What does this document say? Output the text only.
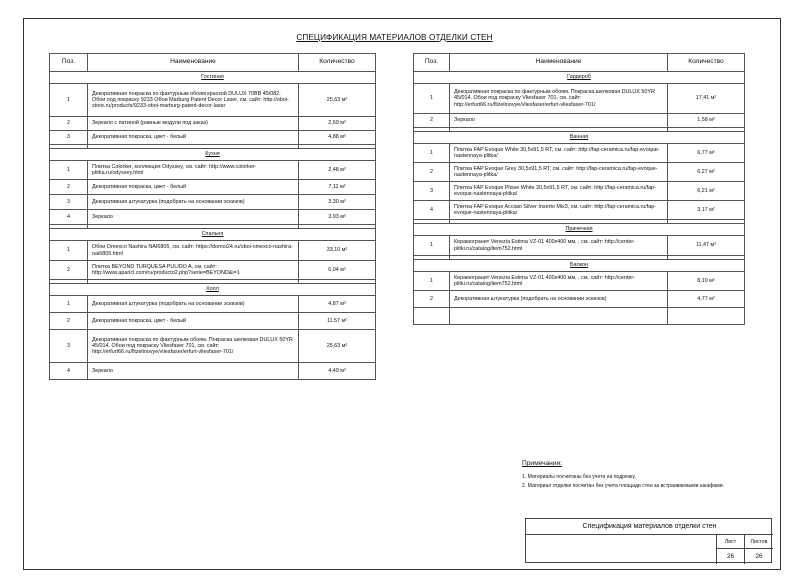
СПЕЦИФИКАЦИЯ МАТЕРИАЛОВ ОТДЕЛКИ СТЕН
Поз.	Наименование	Количество
Гостиная		
1	Декоративная покраска по фактурным обоям краской DULUX 70BB 45/082. Обои под покраску 9233 Обои Marburg Patent Decor Laser, см. сайт: http://oboi-store.ru/products/9233-oboi-marburg-patent-decor-laser	25,63 м²
2	Зеркало с патиной (равные модули под заказ)	2,69 м²
3	Декоративная покраска, цвет - белый	4,88 м²

Кухня		
1	Плитка Colorker, коллекция Odyssey, см. сайт: http://www.colorker-plitka.ru/odyssey.html	2,48 м²
2	Декоративная покраска, цвет - белый	7,11 м²
3	Декоративная штукатурка (подобрать на основании эскизов)	3,30 м²
4	Зеркало	3,93 м²

Спальня		
1	Обои Omexco Nashira NAI6805, см. сайт: https://domoi24.ru/oboi-omexco-nashira-nai6805.html	33,10 м²
2	Плитка BEYOND TURQUESA PULIDO A, см. сайт: http://www.aparici.com/ru/producto2.php?serie=BEYOND&i=1	6,04 м²

Холл		
1	Декоративная штукатурка (подобрать на основании эскизов)	4,87 м²
2	Декоративная покраска, цвет - белый	11,57 м²
3	Декоративная покраска по фактурным обоям. Покраска шелковая DULUX 50YR 45/014. Обои под покраску Vliesfaser 701, см. сайт: http://erfurt66.ru/flizelinovye/vliesfaser/erfurt-vliesfaser-701/	25,63 м²
4	Зеркало	4,49 м²
Поз.	Наименование	Количество
Гардероб		
1	Декоративная покраска по фактурным обоям. Покраска шелковая DULUX 50YR 45/014. Обои под покраску Vliesfaser 701, см. сайт: http://erfurt66.ru/flizelinovye/vliesfaser/erfurt-vliesfaser-701/	17,41 м²
2	Зеркало	1,58 м²

Ванная		
1	Плитка FAP Evoque White 30,5х91,5 RT, см. сайт: http://fap-ceramica.ru/fap-evoque-nastennaya-plitka/	6,77 м²
2	Плитка FAP Evoque Grey 30,5х91,5 RT, см. сайт: http://fap-ceramica.ru/fap-evoque-nastennaya-plitka/	6,27 м²
3	Плитка FAP Evoque Plisse White 30,5х91,5 RT, см. сайт: http://fap-ceramica.ru/fap-evoque-nastennaya-plitka/	6,21 м²
4	Плитка FAP Evoque Acciaio Silver Inserto Mix3, см. сайт: http://fap-ceramica.ru/fap-evoque-nastennaya-plitka/	3,17 м²

Прачечная		
1	Керамогранит Venezia Estima VZ-01 400х400 мм, , см. сайт: http://center-plitki.ru/catalog/item752.html	11,47 м²

Балкон		
1	Керамогранит Venezia Estima VZ-01 400х400 мм, , см. сайт: http://center-plitki.ru/catalog/item752.html	8,10 м²
2	Декоративная штукатурка (подобрать на основании эскизов)	4,77 м²

Примечания:
1. Материалы посчитаны без учета на подрезку.
2. Материал отделки посчитан без учета площади стен за встраиваемыми шкафами.
Спецификация материалов отделки стен
Лист	Листов
26	26
